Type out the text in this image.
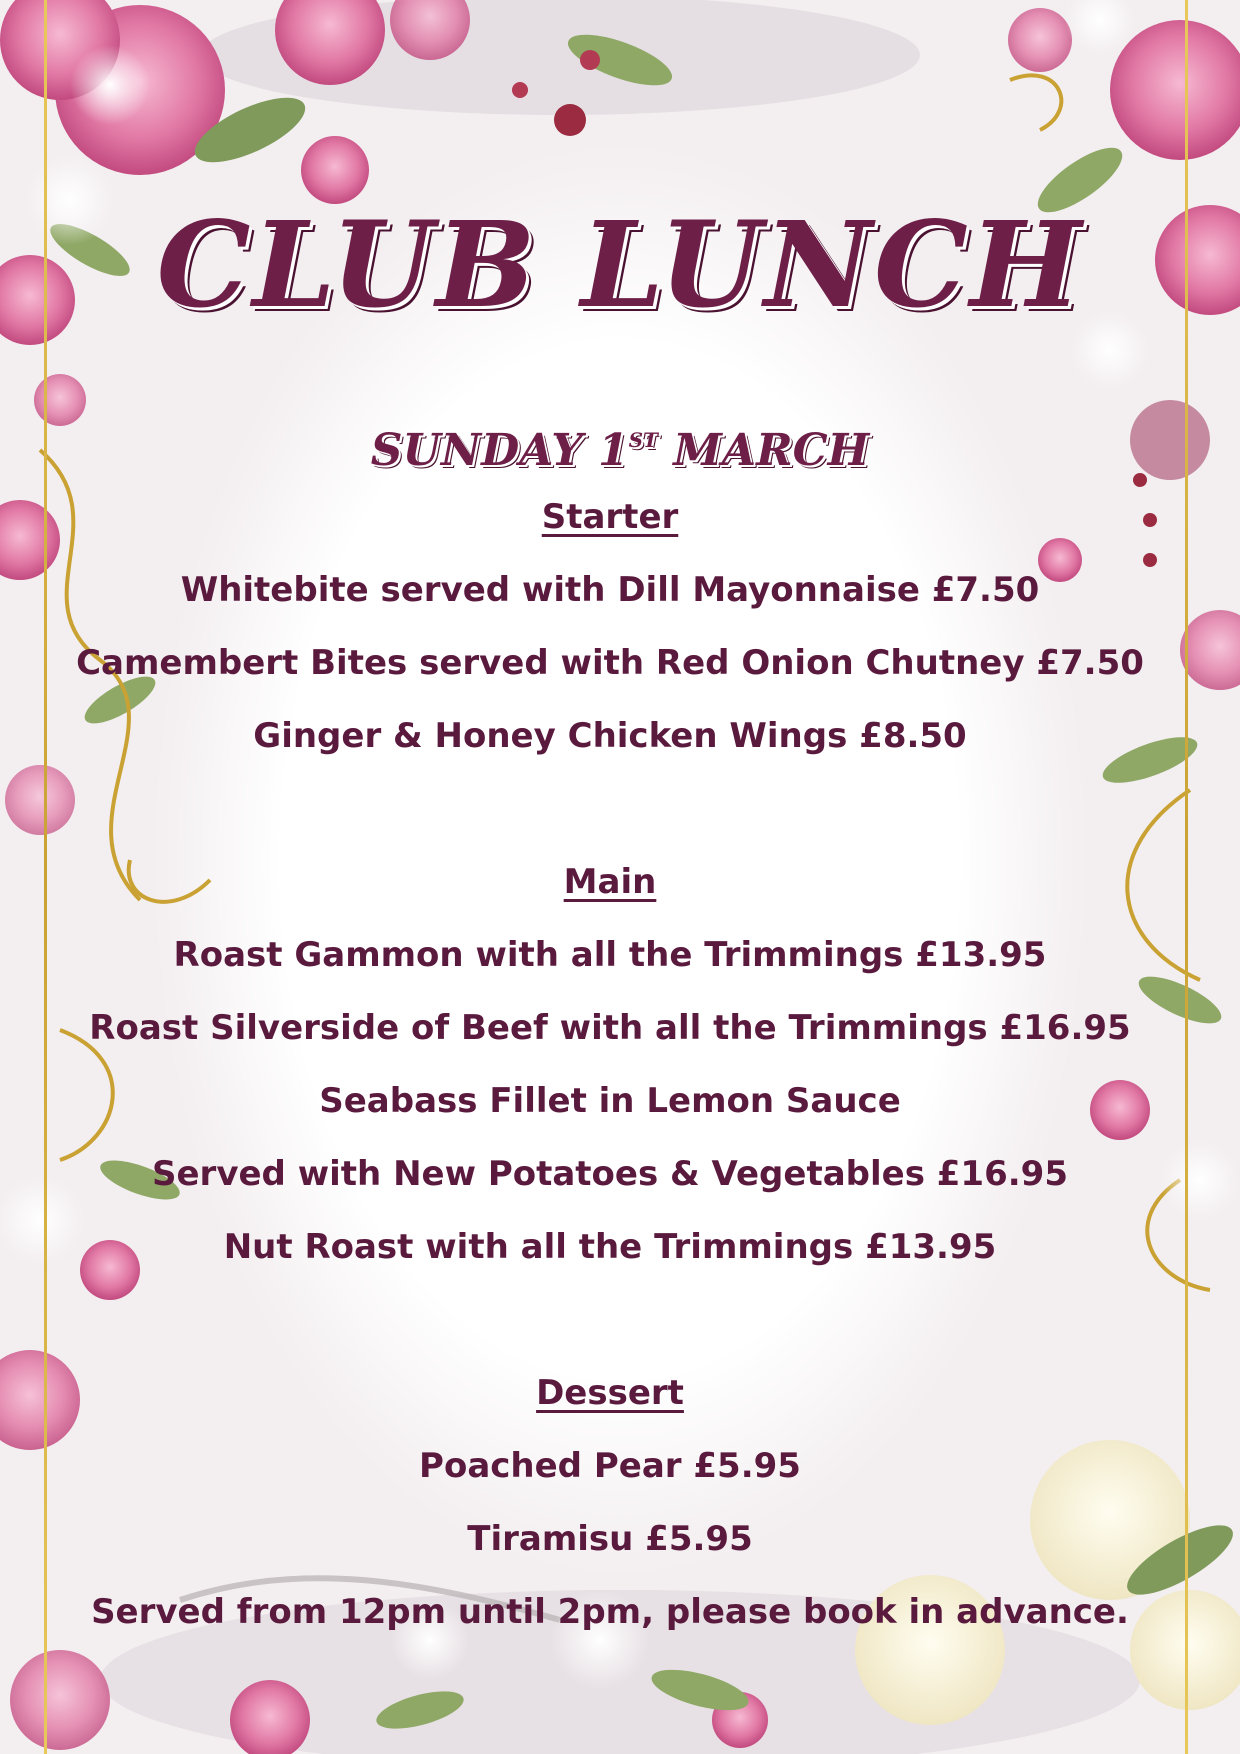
CLUB LUNCH
SUNDAY 1ST MARCH
Starter
Whitebite served with Dill Mayonnaise £7.50
Camembert Bites served with Red Onion Chutney £7.50
Ginger & Honey Chicken Wings £8.50
Main
Roast Gammon with all the Trimmings £13.95
Roast Silverside of Beef with all the Trimmings £16.95
Seabass Fillet in Lemon Sauce
Served with New Potatoes & Vegetables £16.95
Nut Roast with all the Trimmings £13.95
Dessert
Poached Pear £5.95
Tiramisu £5.95
Served from 12pm until 2pm, please book in advance.
